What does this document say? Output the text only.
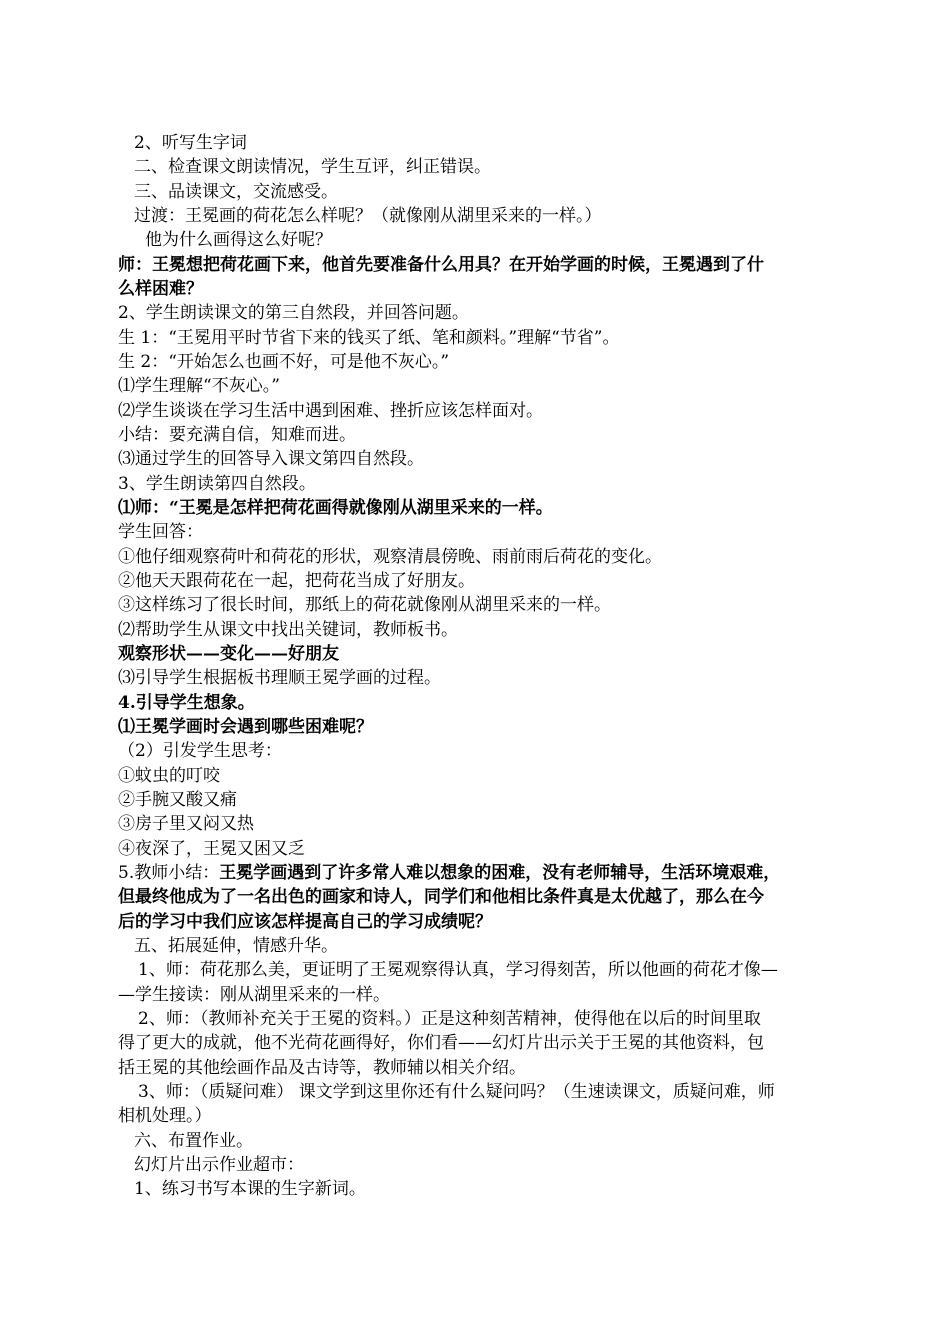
2、听写生字词
二、检查课文朗读情况，学生互评，纠正错误。
三、品读课文，交流感受。
过渡：王冕画的荷花怎么样呢？（就像刚从湖里采来的一样。）
他为什么画得这么好呢？
师：王冕想把荷花画下来，他首先要准备什么用具？在开始学画的时候，王冕遇到了什
么样困难？
2、学生朗读课文的第三自然段，并回答问题。
生 1：“王冕用平时节省下来的钱买了纸、笔和颜料。”理解“节省”。
生 2：“开始怎么也画不好，可是他不灰心。”
⑴学生理解“不灰心。”
⑵学生谈谈在学习生活中遇到困难、挫折应该怎样面对。
小结：要充满自信，知难而进。
⑶通过学生的回答导入课文第四自然段。
3、学生朗读第四自然段。
⑴师：“王冕是怎样把荷花画得就像刚从湖里采来的一样。
学生回答：
①他仔细观察荷叶和荷花的形状，观察清晨傍晚、雨前雨后荷花的变化。
②他天天跟荷花在一起，把荷花当成了好朋友。
③这样练习了很长时间，那纸上的荷花就像刚从湖里采来的一样。
⑵帮助学生从课文中找出关键词，教师板书。
观察形状——变化——好朋友
⑶引导学生根据板书理顺王冕学画的过程。
4.引导学生想象。
⑴王冕学画时会遇到哪些困难呢？
（2）引发学生思考：
①蚊虫的叮咬
②手腕又酸又痛
③房子里又闷又热
④夜深了，王冕又困又乏
5.教师小结：王冕学画遇到了许多常人难以想象的困难，没有老师辅导，生活环境艰难，
但最终他成为了一名出色的画家和诗人，同学们和他相比条件真是太优越了，那么在今
后的学习中我们应该怎样提高自己的学习成绩呢？
五、拓展延伸，情感升华。
1、师：荷花那么美，更证明了王冕观察得认真，学习得刻苦，所以他画的荷花才像—
—学生接读：刚从湖里采来的一样。
2、师：（教师补充关于王冕的资料。）正是这种刻苦精神，使得他在以后的时间里取
得了更大的成就，他不光荷花画得好，你们看——幻灯片出示关于王冕的其他资料，包
括王冕的其他绘画作品及古诗等，教师辅以相关介绍。
3、师：（质疑问难） 课文学到这里你还有什么疑问吗？（生速读课文，质疑问难，师
相机处理。）
六、布置作业。
幻灯片出示作业超市：
1、练习书写本课的生字新词。
